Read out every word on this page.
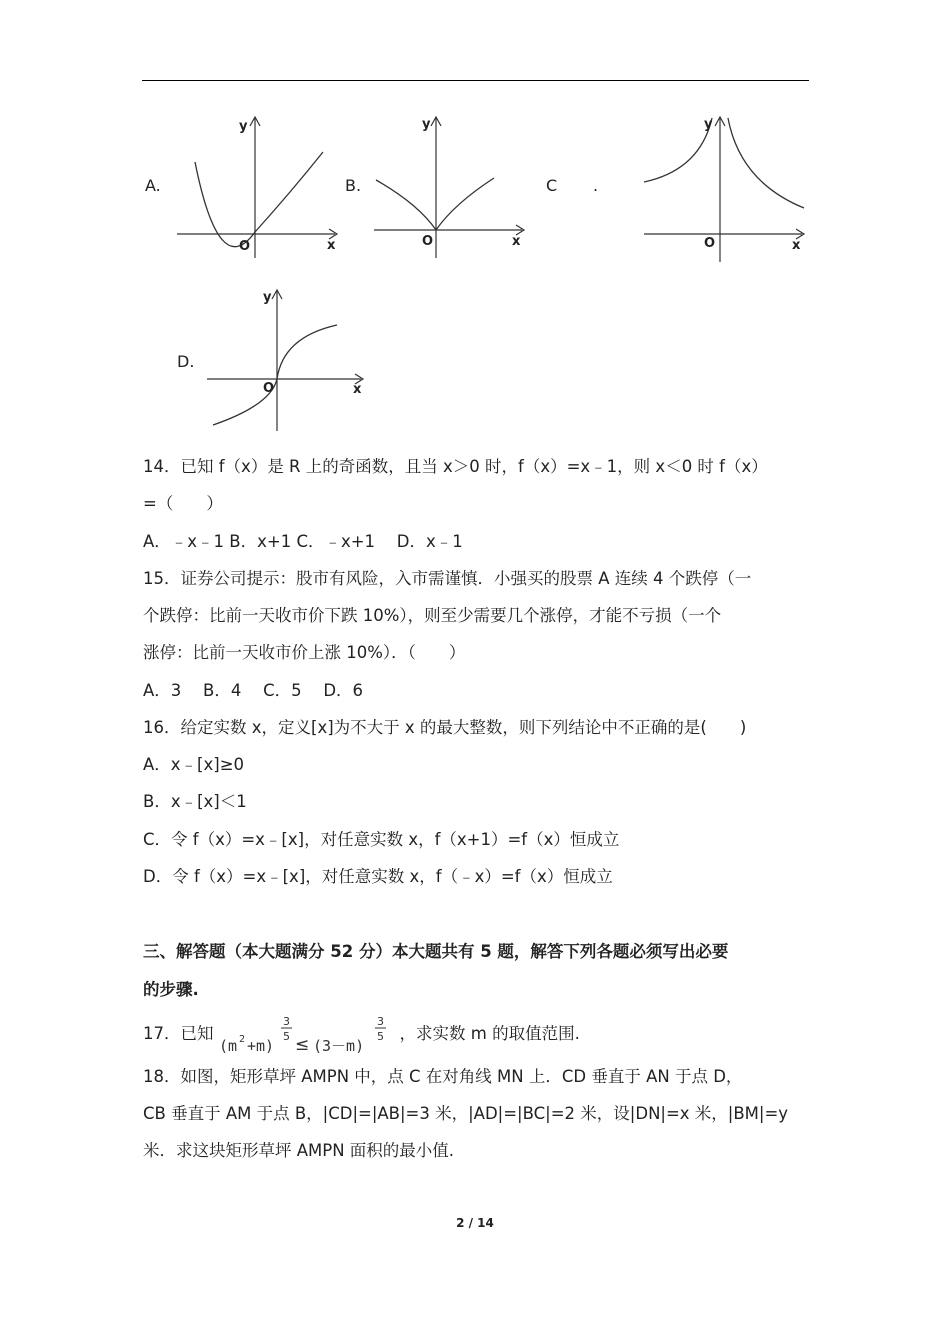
A.
y
x
O
B.
y
x
O
C .
y
x
O
D.
y
x
O
14．已知 f（x）是 R 上的奇函数，且当 x＞0 时，f（x）=x﹣1，则 x＜0 时 f（x）
=（　　）
A．﹣x﹣1 B．x+1 C．﹣x+1　 D．x﹣1
15．证券公司提示：股市有风险，入市需谨慎．小强买的股票 A 连续 4 个跌停（一
个跌停：比前一天收市价下跌 10%），则至少需要几个涨停，才能不亏损（一个
涨停：比前一天收市价上涨 10%）．（　　）
A．3　 B．4　 C．5　 D．6
16．给定实数 x，定义[x]为不大于 x 的最大整数，则下列结论中不正确的是(　　)
A．x﹣[x]≥0
B．x﹣[x]＜1
C．令 f（x）=x﹣[x]，对任意实数 x，f（x+1）=f（x）恒成立
D．令 f（x）=x﹣[x]，对任意实数 x，f（﹣x）=f（x）恒成立
三、解答题（本大题满分 52 分）本大题共有 5 题，解答下列各题必须写出必要
的步骤.
17．已知
(m 2 +m)
3
5 ≤ (3－m)
3
5 ，求实数 m 的取值范围.
18．如图，矩形草坪 AMPN 中，点 C 在对角线 MN 上．CD 垂直于 AN 于点 D，
CB 垂直于 AM 于点 B，|CD|=|AB|=3 米，|AD|=|BC|=2 米，设|DN|=x 米，|BM|=y
米．求这块矩形草坪 AMPN 面积的最小值.
2 / 14
